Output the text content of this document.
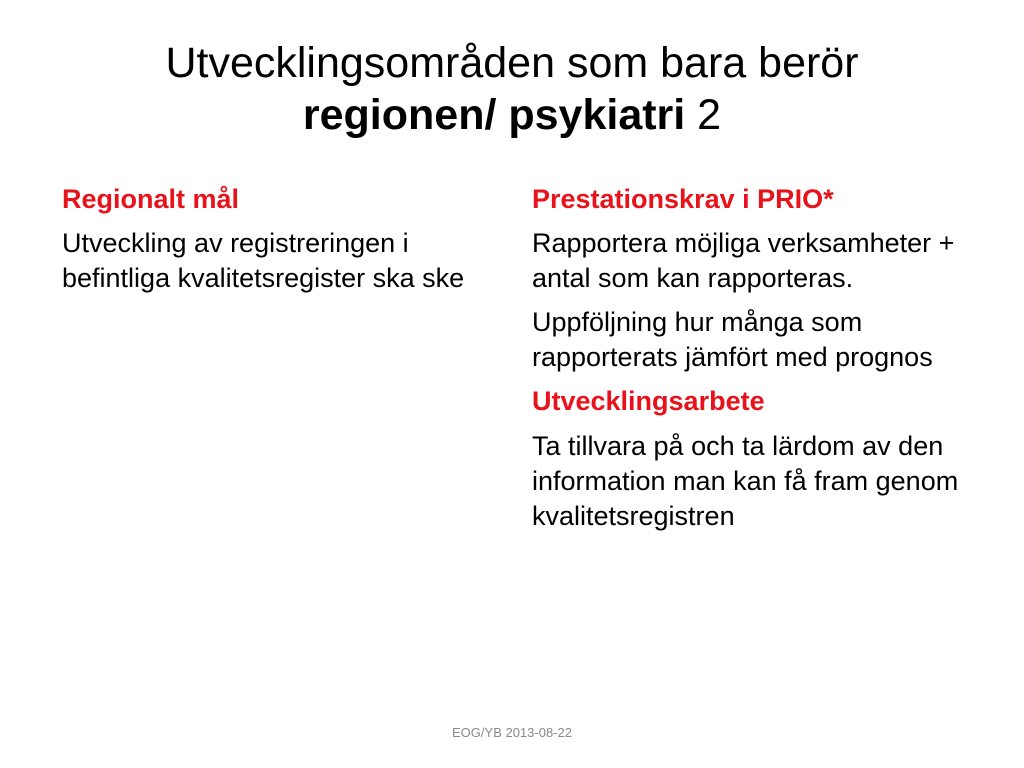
Utvecklingsområden som bara berör
regionen/ psykiatri 2
Regionalt mål
Utveckling av registreringen i befintliga kvalitetsregister ska ske
Prestationskrav i PRIO*
Rapportera möjliga verksamheter + antal som kan rapporteras.
Uppföljning hur många som rapporterats jämfört med prognos
Utvecklingsarbete
Ta tillvara på och ta lärdom av den information man kan få fram genom kvalitetsregistren
EOG/YB 2013-08-22
